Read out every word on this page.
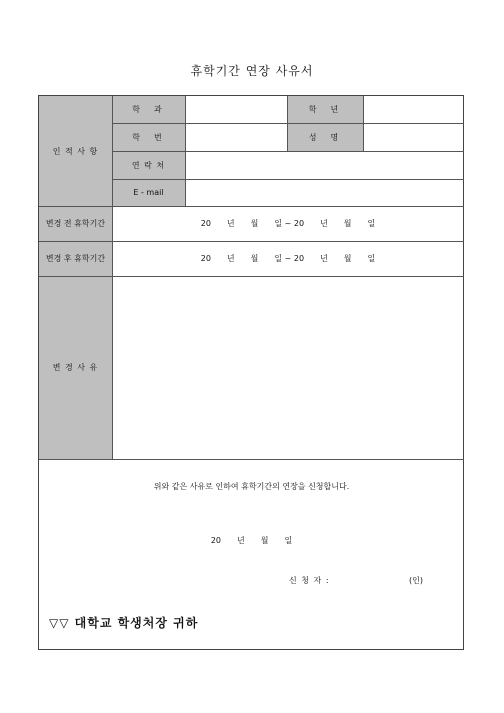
휴학기간 연장 사유서
인 적 사 항
학　과	학　년
학　번	성　명
연 락 처
E - mail
변경 전 휴학기간	20　　년　　월　　일 ~ 20　　년　　월　　일
변경 후 휴학기간	20　　년　　월　　일 ~ 20　　년　　월　　일
변 경 사 유
위와 같은 사유로 인하여 휴학기간의 연장을 신청합니다.
20　　년　　월　　일
신 청 자 :	(인)
▽▽ 대학교 학생처장 귀하
